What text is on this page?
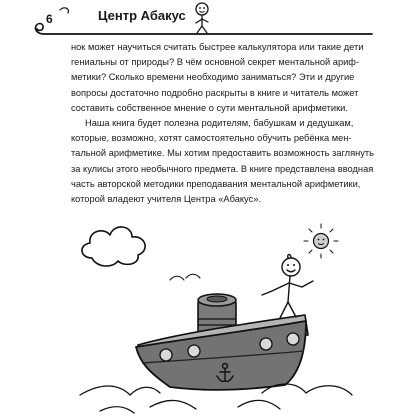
6	Центр Абакус

нок может научиться считать быстрее калькулятора или такие дети
гениальны от природы? В чём основной секрет ментальной ариф-
метики? Сколько времени необходимо заниматься? Эти и другие
вопросы достаточно подробно раскрыты в книге и читатель может
составить собственное мнение о сути ментальной арифметики.

Наша книга будет полезна родителям, бабушкам и дедушкам,
которые, возможно, хотят самостоятельно обучить ребёнка мен-
тальной арифметике. Мы хотим предоставить возможность заглянуть
за кулисы этого необычного предмета. В книге представлена вводная
часть авторской методики преподавания ментальной арифметики,
которой владеют учителя Центра «Абакус».
